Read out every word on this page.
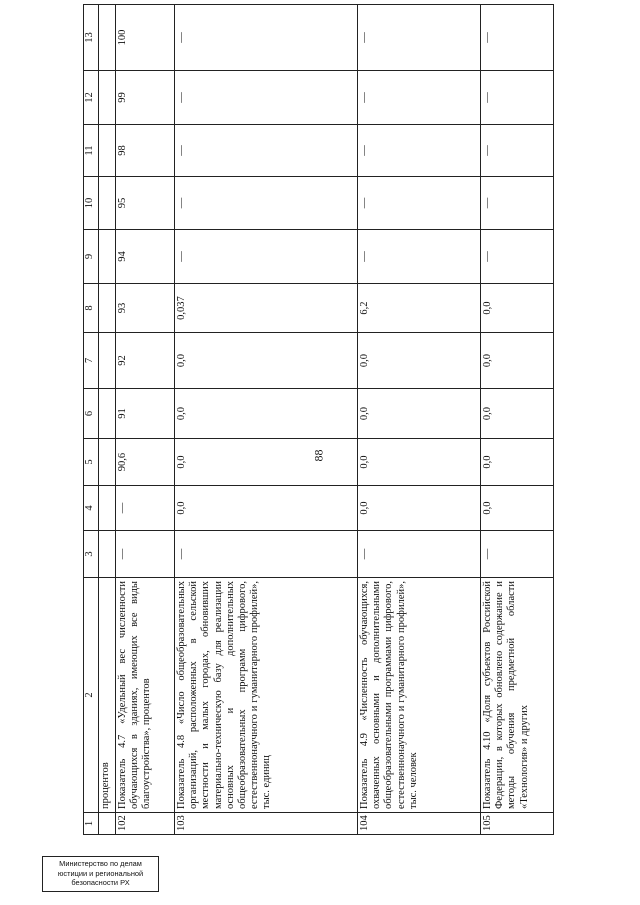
88
1	2	3	4	5	6	7	8	9	10	11	12	13
	процентов											
102	Показатель 4.7 «Удельный вес численности обучающихся в зданиях, имеющих все виды благоустройства», процентов	—	—	90,6	91	92	93	94	95	98	99	100
103	Показатель 4.8 «Число общеобразовательных организаций, расположенных в сельской местности и малых городах, обновивших материально-техническую базу для реализации основных и дополнительных общеобразовательных программ цифрового, естественнонаучного и гуманитарного профилей», тыс. единиц	—	0,0	0,0	0,0	0,0	0,037	—	—	—	—	—
104	Показатель 4.9 «Численность обучающихся, охваченных основными и дополнительными общеобразовательными программами цифрового, естественнонаучного и гуманитарного профилей», тыс. человек	—	0,0	0,0	0,0	0,0	6,2	—	—	—	—	—
105	Показатель 4.10 «Доля субъектов Российской Федерации, в которых обновлено содержание и методы обучения предметной области «Технология» и других	—	0,0	0,0	0,0	0,0	0,0	—	—	—	—	—
Министерство по делам
юстиции и региональной
безопасности РХ
